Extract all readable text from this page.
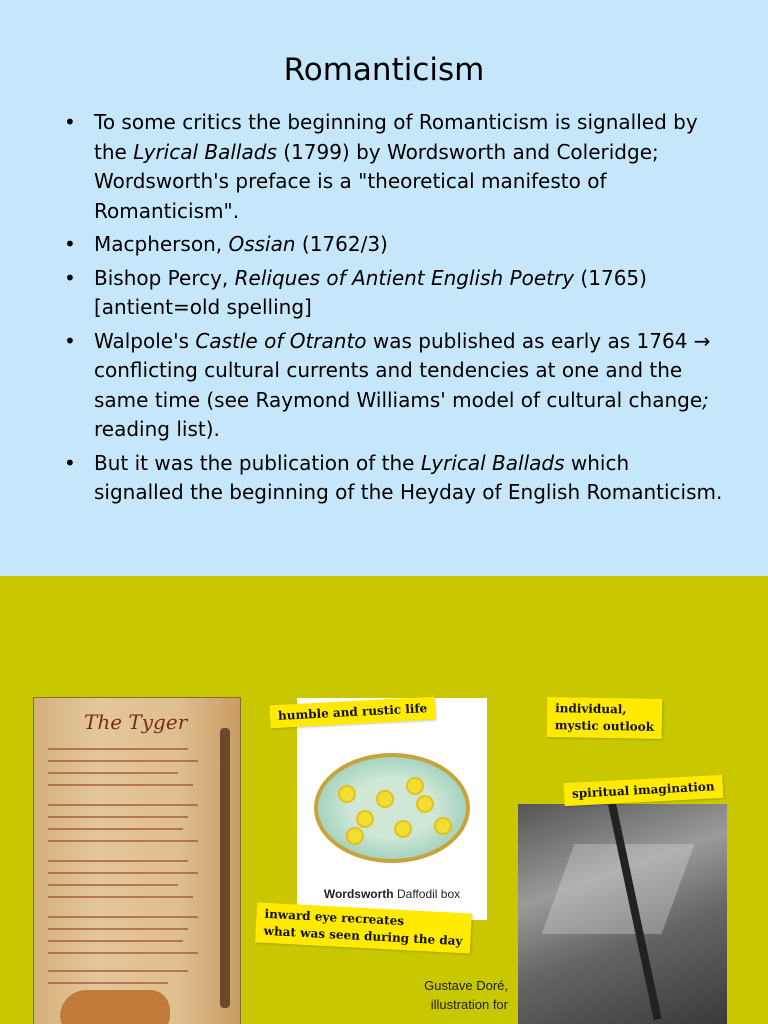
Romanticism
• To some critics the beginning of Romanticism is signalled by the Lyrical Ballads (1799) by Wordsworth and Coleridge; Wordsworth's preface is a "theoretical manifesto of Romanticism".
• Macpherson, Ossian (1762/3)
• Bishop Percy, Reliques of Antient English Poetry (1765) [antient=old spelling]
• Walpole's Castle of Otranto was published as early as 1764 → conflicting cultural currents and tendencies at one and the same time (see Raymond Williams' model of cultural change; reading list).
• But it was the publication of the Lyrical Ballads which signalled the beginning of the Heyday of English Romanticism.
The Tyger
Wordsworth Daffodil box
humble and rustic life	individual,
mystic outlook
spiritual imagination
inward eye recreates
what was seen during the day
Gustave Doré,
illustration for
